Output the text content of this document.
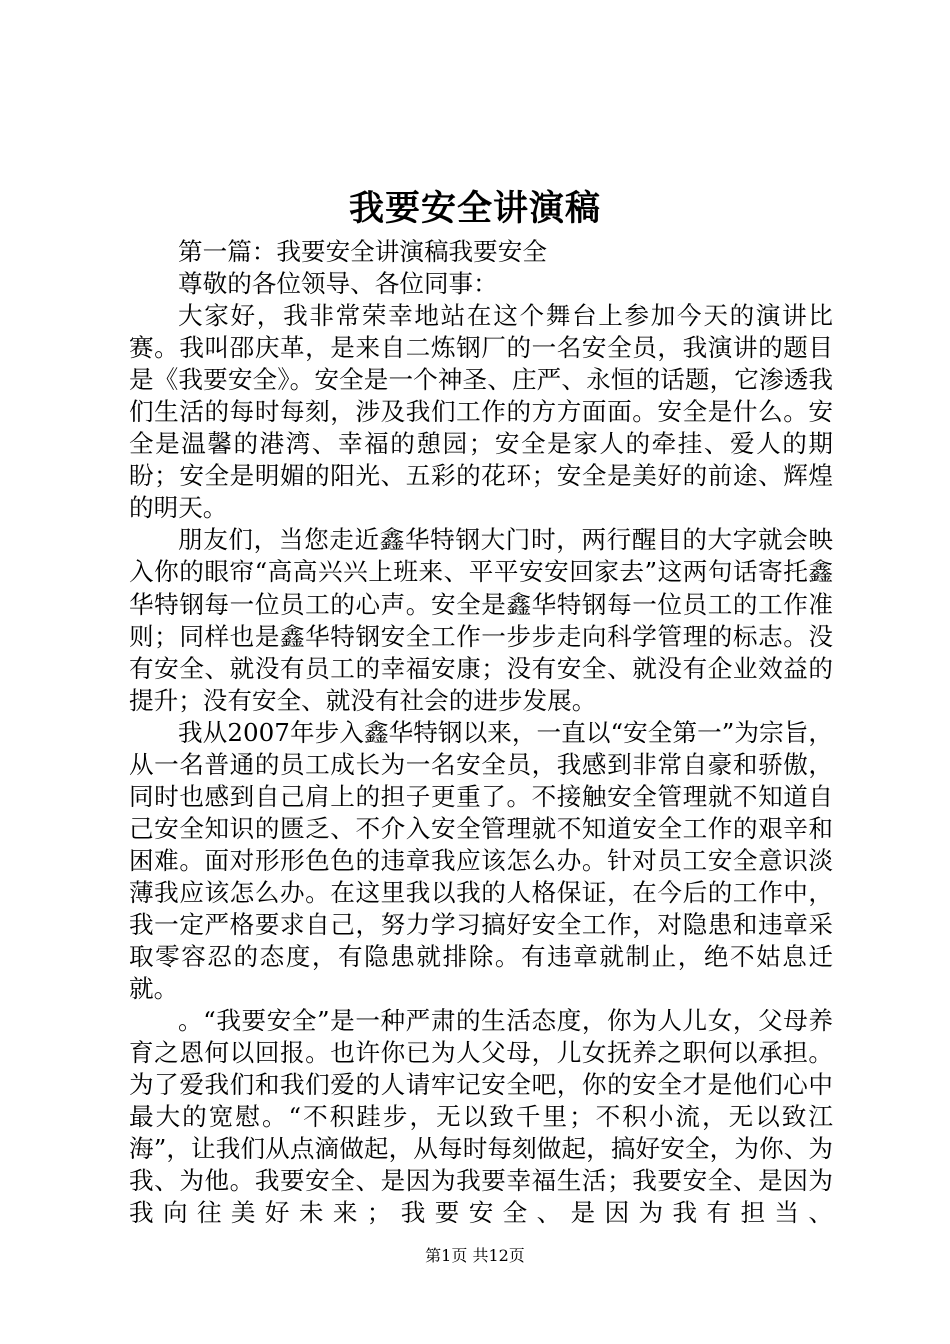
我要安全讲演稿

第一篇：我要安全讲演稿我要安全

尊敬的各位领导、各位同事：

大家好，我非常荣幸地站在这个舞台上参加今天的演讲比赛。我叫邵庆革，是来自二炼钢厂的一名安全员，我演讲的题目是《我要安全》。安全是一个神圣、庄严、永恒的话题，它渗透我们生活的每时每刻，涉及我们工作的方方面面。安全是什么。安全是温馨的港湾、幸福的憩园；安全是家人的牵挂、爱人的期盼；安全是明媚的阳光、五彩的花环；安全是美好的前途、辉煌的明天。

朋友们，当您走近鑫华特钢大门时，两行醒目的大字就会映入你的眼帘“高高兴兴上班来、平平安安回家去”这两句话寄托鑫华特钢每一位员工的心声。安全是鑫华特钢每一位员工的工作准则；同样也是鑫华特钢安全工作一步步走向科学管理的标志。没有安全、就没有员工的幸福安康；没有安全、就没有企业效益的提升；没有安全、就没有社会的进步发展。

我从2007年步入鑫华特钢以来，一直以“安全第一”为宗旨，从一名普通的员工成长为一名安全员，我感到非常自豪和骄傲，同时也感到自己肩上的担子更重了。不接触安全管理就不知道自己安全知识的匮乏、不介入安全管理就不知道安全工作的艰辛和困难。面对形形色色的违章我应该怎么办。针对员工安全意识淡薄我应该怎么办。在这里我以我的人格保证，在今后的工作中，我一定严格要求自己，努力学习搞好安全工作，对隐患和违章采取零容忍的态度，有隐患就排除。有违章就制止，绝不姑息迁就。

。“我要安全”是一种严肃的生活态度，你为人儿女，父母养育之恩何以回报。也许你已为人父母，儿女抚养之职何以承担。为了爱我们和我们爱的人请牢记安全吧，你的安全才是他们心中最大的宽慰。“不积跬步，无以致千里；不积小流，无以致江海”，让我们从点滴做起，从每时每刻做起，搞好安全，为你、为我、为他。我要安全、是因为我要幸福生活；我要安全、是因为我向往美好未来；我要安全、是因为我有担当、

第1页 共12页
